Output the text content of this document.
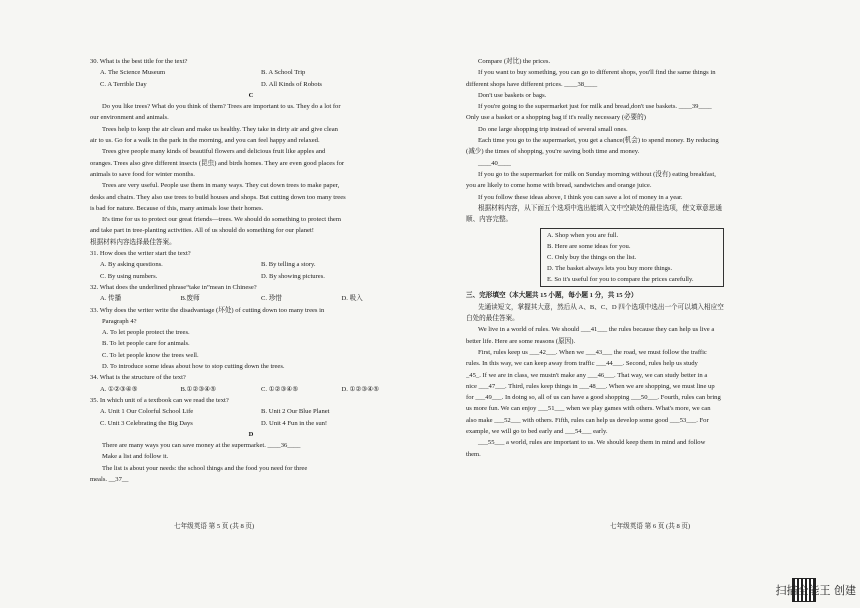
30. What is the best title for the text?
A. The Science Museum	B. A School Trip
C. A Terrible Day	D. All Kinds of Robots
C
Do you like trees? What do you think of them? Trees are important to us. They do a lot for
our environment and animals.
Trees help to keep the air clean and make us healthy. They take in dirty air and give clean
air to us. Go for a walk in the park in the morning, and you can feel happy and relaxed.
Trees give people many kinds of beautiful flowers and delicious fruit like apples and
oranges. Trees also give different insects (昆虫) and birds homes. They are even good places for
animals to save food for winter months.
Trees are very useful. People use them in many ways. They cut down trees to make paper,
desks and chairs. They also use trees to build houses and shops. But cutting down too many trees
is bad for nature. Because of this, many animals lose their homes.
It's time for us to protect our great friends—trees. We should do something to protect them
and take part in tree-planting activities. All of us should do something for our planet!
根据材料内容选择最佳答案。
31. How does the writer start the text?
A. By asking questions.	B. By telling a story.
C. By using numbers.	D. By showing pictures.
32. What does the underlined phrase“take in”mean in Chinese?
A. 传播	B.废师	C. 珍惜	D. 吸入
33. Why does the writer write the disadvantage (坏处) of cutting down too many trees in
Paragraph 4?
A. To let people protect the trees.
B. To let people care for animals.
C. To let people know the trees well.
D. To introduce some ideas about how to stop cutting down the trees.
34. What is the structure of the text?
A. ①②③④⑤	B.①②③④⑤	C. ①②③④⑤	D. ①②③④⑤
35. In which unit of a textbook can we read the text?
A. Unit 1 Our Colorful School Life	B. Unit 2 Our Blue Planet
C. Unit 3 Celebrating the Big Days	D. Unit 4 Fun in the sun!
D
There are many ways you can save money at the supermarket. ____36____
Make a list and follow it.
The list is about your needs: the school things and the food you need for three
meals. __37__
七年级英语 第 5 页 (共 8 页)
Compare (对比) the prices.
If you want to buy something, you can go to different shops, you'll find the same things in
different shops have different prices. ____38____
Don't use baskets or bags.
If you're going to the supermarket just for milk and bread,don't use baskets. ____39____
Only use a basket or a shopping bag if it's really necessary (必要的)
Do one large shopping trip instead of several small ones.
Each time you go to the supermarket, you get a chance(机会) to spend money. By reducing
(减少) the times of shopping, you're saving both time and money.
____40____
If you go to the supermarket for milk on Sunday morning without (没有) eating breakfast,
you are likely to come home with bread, sandwiches and orange juice.
If you follow these ideas above, I think you can save a lot of money in a year.
根据材料内容，从下面五个选项中选出能填入文中空缺处的最佳选项，使文章意思通
顺、内容完整。
A. Shop when you are full.
B. Here are some ideas for you.
C. Only buy the things on the list.
D. The basket always lets you buy more things.
E. So it's useful for you to compare the prices carefully.
三、完形填空（本大题共 15 小题，每小题 1 分，共 15 分）
先通读短文，掌握其大意，然后从 A、B、C、D 四个选项中选出一个可以填入相应空
白处的最佳答案。
We live in a world of rules. We should ___41___ the rules because they can help us live a
better life. Here are some reasons (原因).
First, rules keep us ___42___. When we ___43___ the road, we must follow the traffic
rules. In this way, we can keep away from traffic ___44___. Second, rules help us study
_45_. If we are in class, we mustn't make any ___46___. That way, we can study better in a
nice ___47___. Third, rules keep things in ___48___. When we are shopping, we must line up
for ___49___. In doing so, all of us can have a good shopping ___50___. Fourth, rules can bring
us more fun. We can enjoy ___51___ when we play games with others. What's more, we can
also make ___52___ with others. Fifth, rules can help us develop some good ___53___. For
example, we will go to bed early and ___54___ early.
___55___ a world, rules are important to us. We should keep them in mind and follow
them.
七年级英语 第 6 页 (共 8 页)
扫描全能王 创建
